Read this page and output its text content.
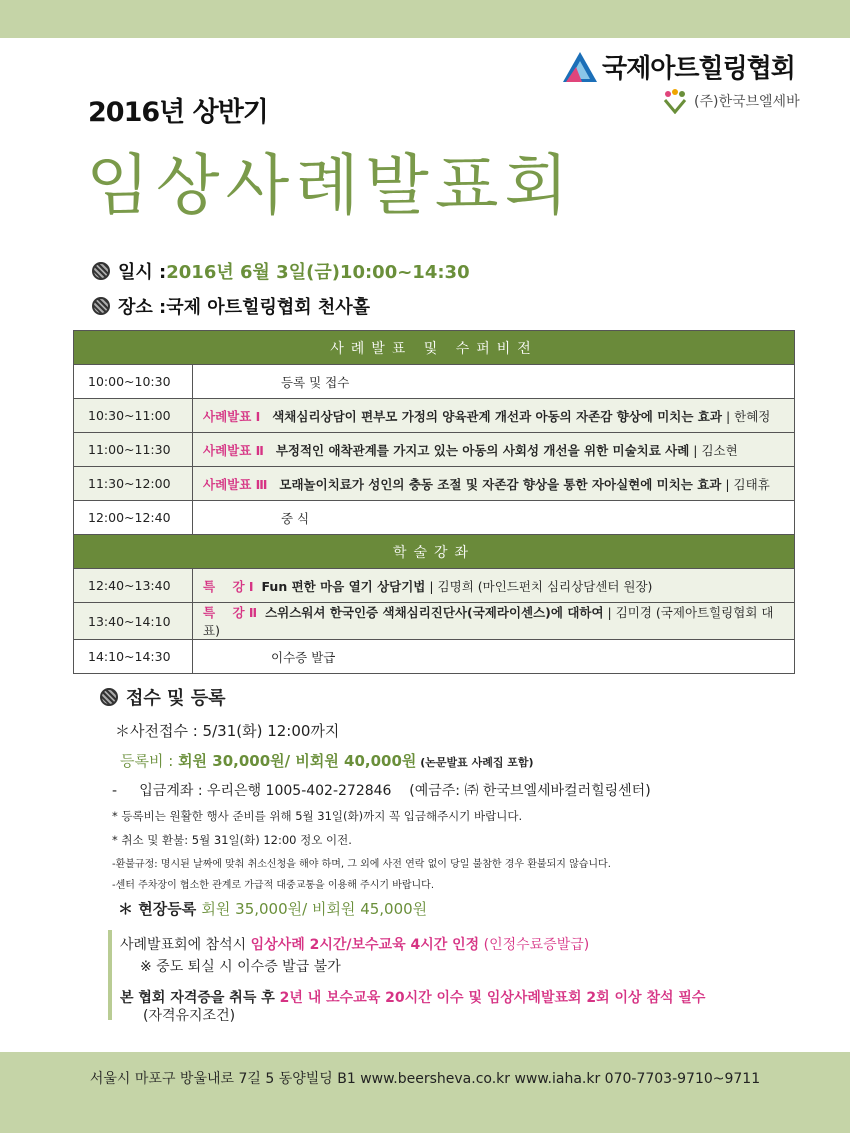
국제아트힐링협회
(주)한국브엘세바
2016년 상반기
임상사례발표회
일시 : 2016년 6월 3일(금)10:00~14:30
장소 : 국제 아트힐링협회 천사홀
사례발표 및 수퍼비전	
10:00~10:30	등록 및 접수
10:30~11:00	사례발표 Ⅰ 색채심리상담이 편부모 가정의 양육관계 개선과 아동의 자존감 향상에 미치는 효과 | 한혜정
11:00~11:30	사례발표 Ⅱ 부정적인 애착관계를 가지고 있는 아동의 사회성 개선을 위한 미술치료 사례 | 김소현
11:30~12:00	사례발표 Ⅲ 모래놀이치료가 성인의 충동 조절 및 자존감 향상을 통한 자아실현에 미치는 효과 | 김태휴
12:00~12:40	중 식
학술강좌	
12:40~13:40	특    강 Ⅰ Fun 편한 마음 열기 상담기법 | 김명희 (마인드펀치 심리상담센터 원장)
13:40~14:10	특    강 Ⅱ 스위스워셔 한국인증 색채심리진단사(국제라이센스)에 대하여 | 김미경 (국제아트힐링협회 대표)
14:10~14:30	이수증 발급
접수 및 등록
＊사전접수 : 5/31(화) 12:00까지
등록비 : 회원 30,000원/ 비회원 40,000원 (논문발표 사례집 포함)
-     입금계좌 : 우리은행 1005-402-272846    (예금주: ㈜ 한국브엘세바컬러힐링센터)
* 등록비는 원활한 행사 준비를 위해 5월 31일(화)까지 꼭 입금해주시기 바랍니다.
* 취소 및 환불: 5월 31일(화) 12:00 정오 이전.
-환불규정: 명시된 날짜에 맞춰 취소신청을 해야 하며, 그 외에 사전 연락 없이 당일 불참한 경우 환불되지 않습니다.
-센터 주차장이 협소한 관계로 가급적 대중교통을 이용해 주시기 바랍니다.
＊ 현장등록 회원 35,000원/ 비회원 45,000원
사례발표회에 참석시 임상사례 2시간/보수교육 4시간 인정 (인정수료증발급)
※ 중도 퇴실 시 이수증 발급 불가
본 협회 자격증을 취득 후 2년 내 보수교육 20시간 이수 및 임상사례발표회 2회 이상 참석 필수
(자격유지조건)
서울시 마포구 방울내로 7길 5 동양빌딩 B1 www.beersheva.co.kr www.iaha.kr 070-7703-9710~9711
